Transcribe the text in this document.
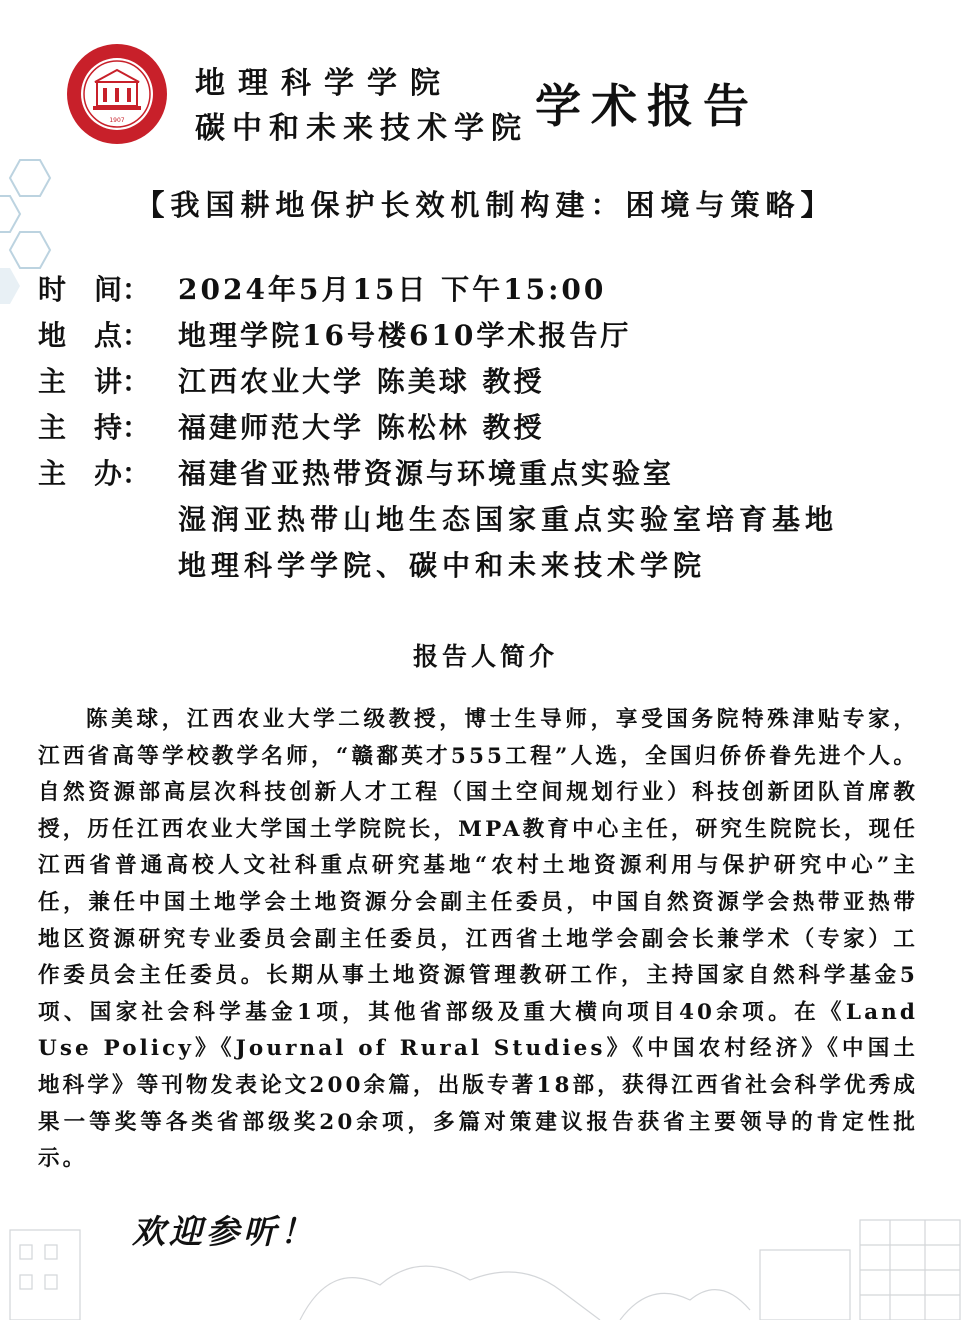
1907
地理科学学院
碳中和未来技术学院 学术报告
【我国耕地保护长效机制构建：困境与策略】
时　间： 2024年5月15日 下午15:00
地　点： 地理学院16号楼610学术报告厅
主　讲： 江西农业大学 陈美球 教授
主　持： 福建师范大学 陈松林 教授
主　办： 福建省亚热带资源与环境重点实验室
湿润亚热带山地生态国家重点实验室培育基地
地理科学学院、碳中和未来技术学院
报告人简介
陈美球，江西农业大学二级教授，博士生导师，享受国务院特殊津贴专家，江西省高等学校教学名师，“赣鄱英才555工程”人选，全国归侨侨眷先进个人。自然资源部高层次科技创新人才工程（国土空间规划行业）科技创新团队首席教授，历任江西农业大学国土学院院长，MPA教育中心主任，研究生院院长，现任江西省普通高校人文社科重点研究基地“农村土地资源利用与保护研究中心”主任，兼任中国土地学会土地资源分会副主任委员，中国自然资源学会热带亚热带地区资源研究专业委员会副主任委员，江西省土地学会副会长兼学术（专家）工作委员会主任委员。长期从事土地资源管理教研工作，主持国家自然科学基金5项、国家社会科学基金1项，其他省部级及重大横向项目40余项。在《Land Use Policy》《Journal of Rural Studies》《中国农村经济》《中国土地科学》等刊物发表论文200余篇，出版专著18部，获得江西省社会科学优秀成果一等奖等各类省部级奖20余项，多篇对策建议报告获省主要领导的肯定性批示。
欢迎参听！
